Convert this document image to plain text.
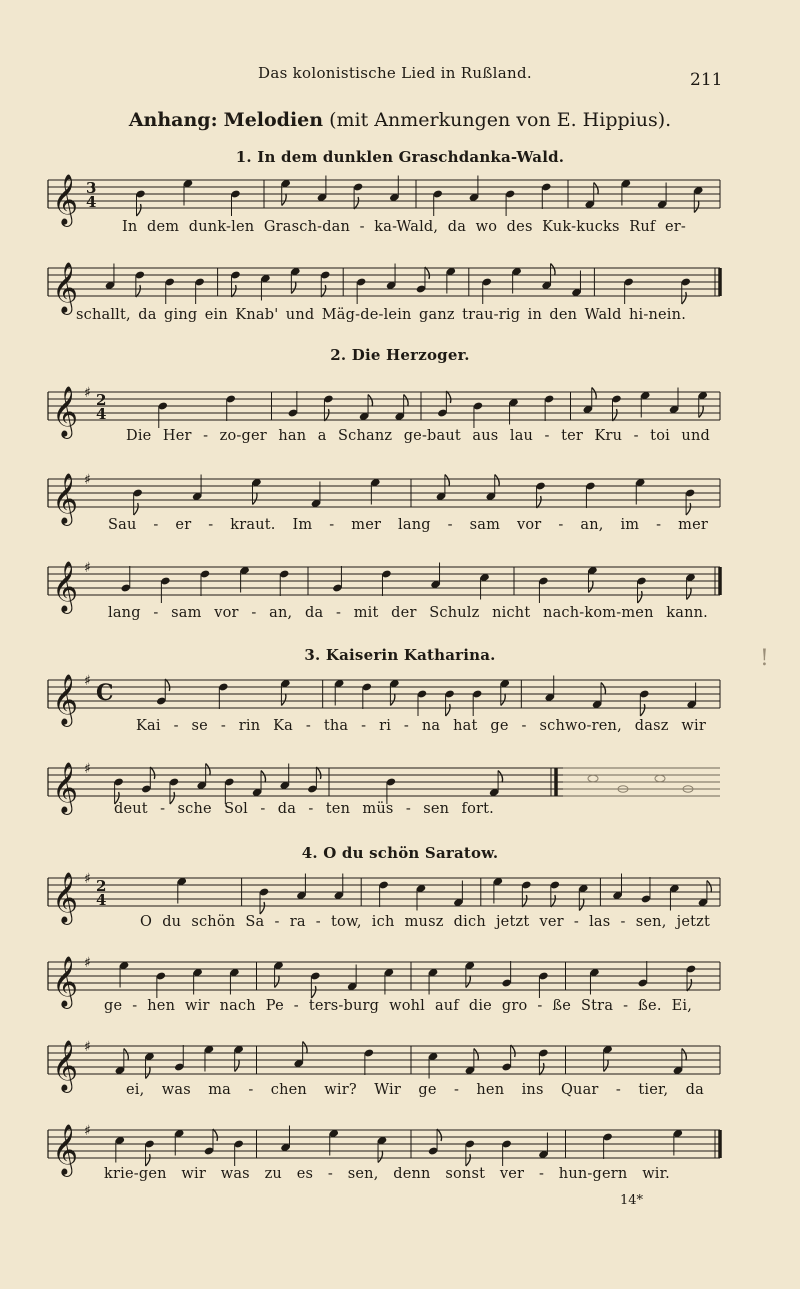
Das kolonistische Lied in Rußland.	211
Anhang: Melodien (mit Anmerkungen von E. Hippius).
1. In dem dunklen Graschdanka-Wald.
𝄞 3
4
In dem dunk-len Grasch-dan - ka-Wald, da wo des Kuk-kucks Ruf er-
𝄞
schallt, da ging ein Knab' und Mäg-de-lein ganz trau-rig in den Wald hi-nein.
2. Die Herzoger.
𝄞 ♯ 2
4
Die Her - zo-ger han a Schanz ge-baut aus lau - ter Kru - toi und
𝄞 ♯
Sau - er - kraut. Im - mer lang - sam vor - an, im - mer
𝄞 ♯
lang - sam vor - an, da - mit der Schulz nicht nach-kom-men kann.
3. Kaiserin Katharina.
𝄞 ♯ C
Kai - se - rin Ka - tha - ri - na hat ge - schwo-ren, dasz wir
𝄞 ♯
deut - sche Sol - da - ten müs - sen fort.
4. O du schön Saratow.
𝄞 ♯ 2
4
O du schön Sa - ra - tow, ich musz dich jetzt ver - las - sen, jetzt
𝄞 ♯
ge - hen wir nach Pe - ters-burg wohl auf die gro - ße Stra - ße. Ei,
𝄞 ♯
ei, was ma - chen wir? Wir ge - hen ins Quar - tier, da
𝄞 ♯
krie-gen wir was zu es - sen, denn sonst ver - hun-gern wir.
14*
!
